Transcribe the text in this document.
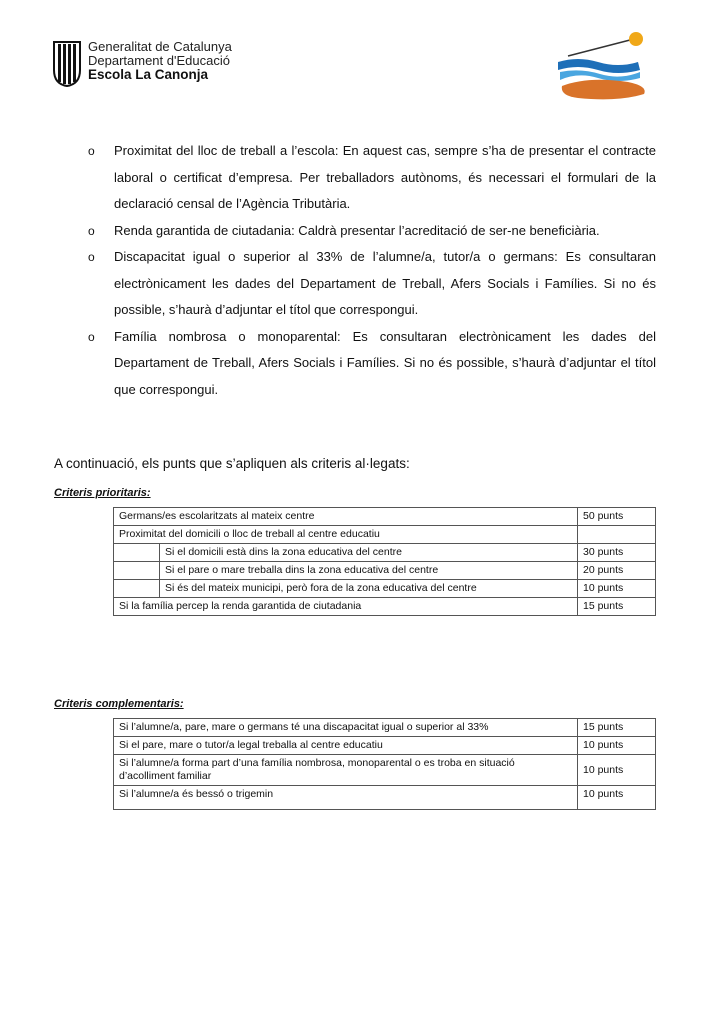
Generalitat de Catalunya
Departament d'Educació
Escola La Canonja
o Proximitat del lloc de treball a l’escola: En aquest cas, sempre s’ha de presentar el contracte laboral o certificat d’empresa. Per treballadors autònoms, és necessari el formulari de la declaració censal de l’Agència Tributària.
o Renda garantida de ciutadania: Caldrà presentar l’acreditació de ser-ne beneficiària.
o Discapacitat igual o superior al 33% de l’alumne/a, tutor/a o germans: Es consultaran electrònicament les dades del Departament de Treball, Afers Socials i Famílies. Si no és possible, s’haurà d’adjuntar el títol que correspongui.
o Família nombrosa o monoparental: Es consultaran electrònicament les dades del Departament de Treball, Afers Socials i Famílies. Si no és possible, s’haurà d’adjuntar el títol que correspongui.
A continuació, els punts que s’apliquen als criteris al·legats:
Criteris prioritaris:
Germans/es escolaritzats al mateix centre		50 punts
Proximitat del domicili o lloc de treball al centre educatiu		
	Si el domicili està dins la zona educativa del centre	30 punts
	Si el pare o mare treballa dins la zona educativa del centre	20 punts
	Si és del mateix municipi, però fora de la zona educativa del centre	10 punts
Si la família percep la renda garantida de ciutadania		15 punts
Criteris complementaris:
Si l’alumne/a, pare, mare o germans té una discapacitat igual o superior al 33%	15 punts
Si el pare, mare o tutor/a legal treballa al centre educatiu	10 punts
Si l’alumne/a forma part d’una família nombrosa, monoparental o es troba en situació d’acolliment familiar	10 punts
Si l’alumne/a és bessó o trigemin	10 punts
